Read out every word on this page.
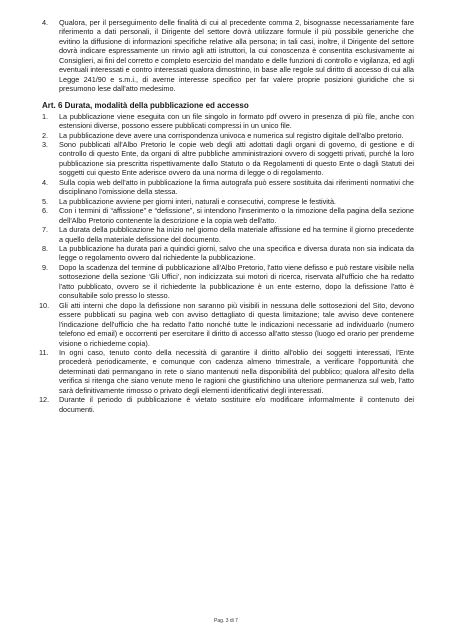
4.	Qualora, per il perseguimento delle finalità di cui al precedente comma 2, bisognasse necessariamente fare riferimento a dati personali, il Dirigente del settore dovrà utilizzare formule il più possibile generiche che evitino la diffusione di informazioni specifiche relative alla persona; in tali casi, inoltre, il Dirigente del settore dovrà indicare espressamente un rinvio agli atti istruttori, la cui conoscenza è consentita esclusivamente ai Consiglieri, ai fini del corretto e completo esercizio del mandato e delle funzioni di controllo e vigilanza, ed agli eventuali interessati e contro interessati qualora dimostrino, in base alle regole sul diritto di accesso di cui alla Legge 241/90 e s.m.i., di averne interesse specifico per far valere proprie posizioni giuridiche che si presumono lese dall'atto medesimo.

Art. 6 Durata, modalità della pubblicazione ed accesso

1.	La pubblicazione viene eseguita con un file singolo in formato pdf ovvero in presenza di più file, anche con estensioni diverse, possono essere pubblicati compressi in un unico file.

2.	La pubblicazione deve avere una corrispondenza univoca e numerica sul registro digitale dell'albo pretorio.

3.	Sono pubblicati all'Albo Pretorio le copie web degli atti adottati dagli organi di governo, di gestione e di controllo di questo Ente, da organi di altre pubbliche amministrazioni ovvero di soggetti privati, purché la loro pubblicazione sia prescritta rispettivamente dallo Statuto o da Regolamenti di questo Ente o dagli Statuti dei soggetti cui questo Ente aderisce ovvero da una norma di legge o di regolamento.

4.	Sulla copia web dell'atto in pubblicazione la firma autografa può essere sostituita dai riferimenti normativi che disciplinano l'omissione della stessa.

5.	La pubblicazione avviene per giorni interi, naturali e consecutivi, comprese le festività.

6.	Con i termini di “affissione” e “defissione”, si intendono l'inserimento o la rimozione della pagina della sezione dell'Albo Pretorio contenente la descrizione e la copia web dell'atto.

7.	La durata della pubblicazione ha inizio nel giorno della materiale affissione ed ha termine il giorno precedente a quello della materiale defissione del documento.

8.	La pubblicazione ha durata pari a quindici giorni, salvo che una specifica e diversa durata non sia indicata da legge o regolamento ovvero dal richiedente la pubblicazione.

9.	Dopo la scadenza del termine di pubblicazione all'Albo Pretorio, l'atto viene defisso e può restare visibile nella sottosezione della sezione ‘Gli Uffici’, non indicizzata sui motori di ricerca, riservata all'ufficio che ha redatto l'atto pubblicato, ovvero se il richiedente la pubblicazione è un ente esterno, dopo la defissione l'atto è consultabile solo presso lo stesso.

10.	Gli atti interni che dopo la defissione non saranno più visibili in nessuna delle sottosezioni del Sito, devono essere pubblicati su pagina web con avviso dettagliato di questa limitazione; tale avviso deve contenere l'indicazione dell'ufficio che ha redatto l'atto nonché tutte le indicazioni necessarie ad individuarlo (numero telefono ed email) e occorrenti per esercitare il diritto di accesso all'atto stesso (luogo ed orario per prenderne visione o richiederne copia).

11.	In ogni caso, tenuto conto della necessità di garantire il diritto all'oblio dei soggetti interessati, l'Ente procederà periodicamente, e comunque con cadenza almeno trimestrale, a verificare l'opportunità che determinati dati permangano in rete o siano mantenuti nella disponibilità del pubblico; qualora all'esito della verifica si ritenga che siano venute meno le ragioni che giustifichino una ulteriore permanenza sul web, l'atto sarà definitivamente rimosso o privato degli elementi identificativi degli interessati.

12.	Durante il periodo di pubblicazione è vietato sostituire e/o modificare informalmente il contenuto dei documenti.

Pag. 3 di 7
